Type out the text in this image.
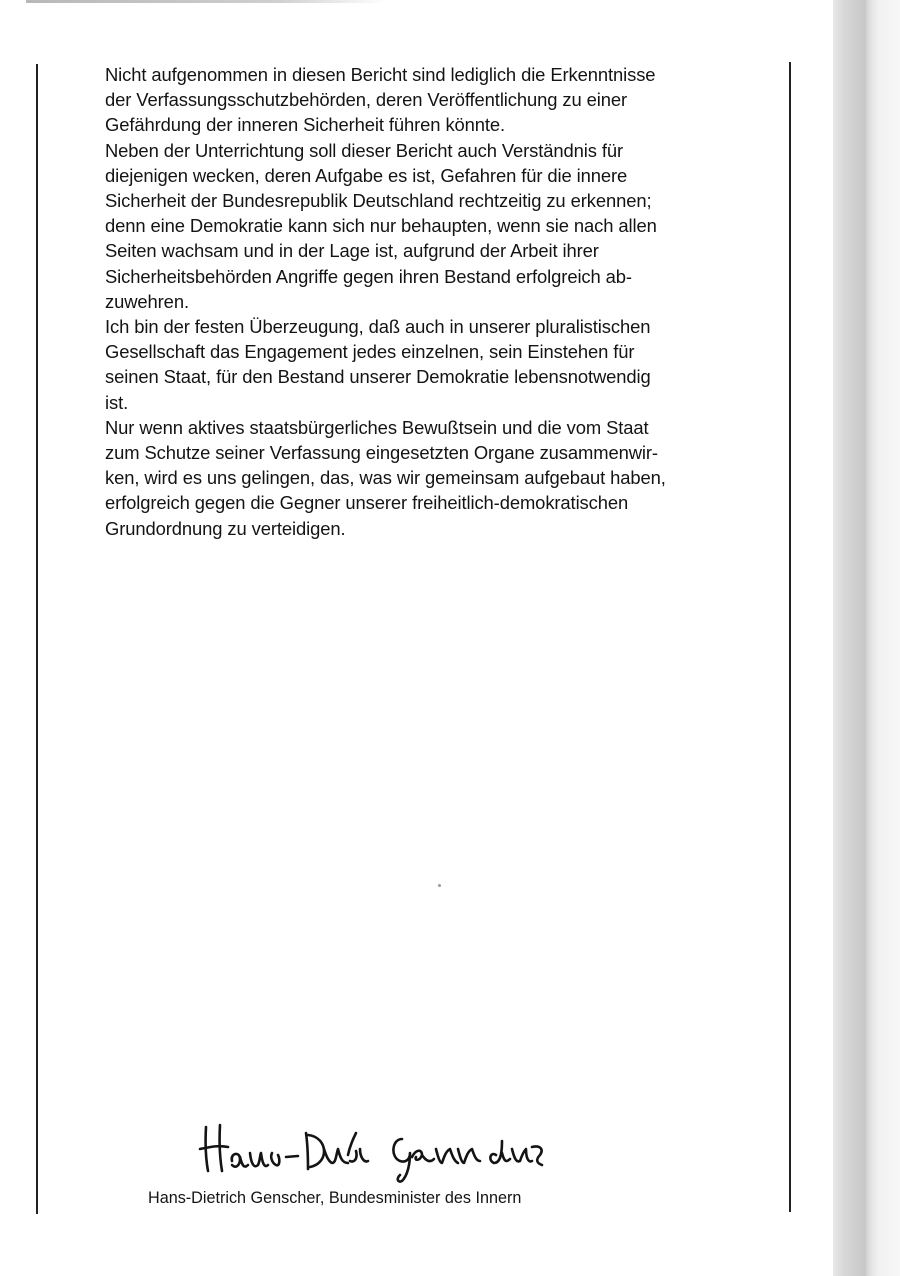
Nicht aufgenommen in diesen Bericht sind lediglich die Erkenntnisse
der Verfassungsschutzbehörden, deren Veröffentlichung zu einer
Gefährdung der inneren Sicherheit führen könnte.

Neben der Unterrichtung soll dieser Bericht auch Verständnis für
diejenigen wecken, deren Aufgabe es ist, Gefahren für die innere
Sicherheit der Bundesrepublik Deutschland rechtzeitig zu erkennen;
denn eine Demokratie kann sich nur behaupten, wenn sie nach allen
Seiten wachsam und in der Lage ist, aufgrund der Arbeit ihrer
Sicherheitsbehörden Angriffe gegen ihren Bestand erfolgreich ab-
zuwehren.

Ich bin der festen Überzeugung, daß auch in unserer pluralistischen
Gesellschaft das Engagement jedes einzelnen, sein Einstehen für
seinen Staat, für den Bestand unserer Demokratie lebensnotwendig
ist.

Nur wenn aktives staatsbürgerliches Bewußtsein und die vom Staat
zum Schutze seiner Verfassung eingesetzten Organe zusammenwir-
ken, wird es uns gelingen, das, was wir gemeinsam aufgebaut haben,
erfolgreich gegen die Gegner unserer freiheitlich-demokratischen
Grundordnung zu verteidigen.

Hans-Dietrich Genscher, Bundesminister des Innern
